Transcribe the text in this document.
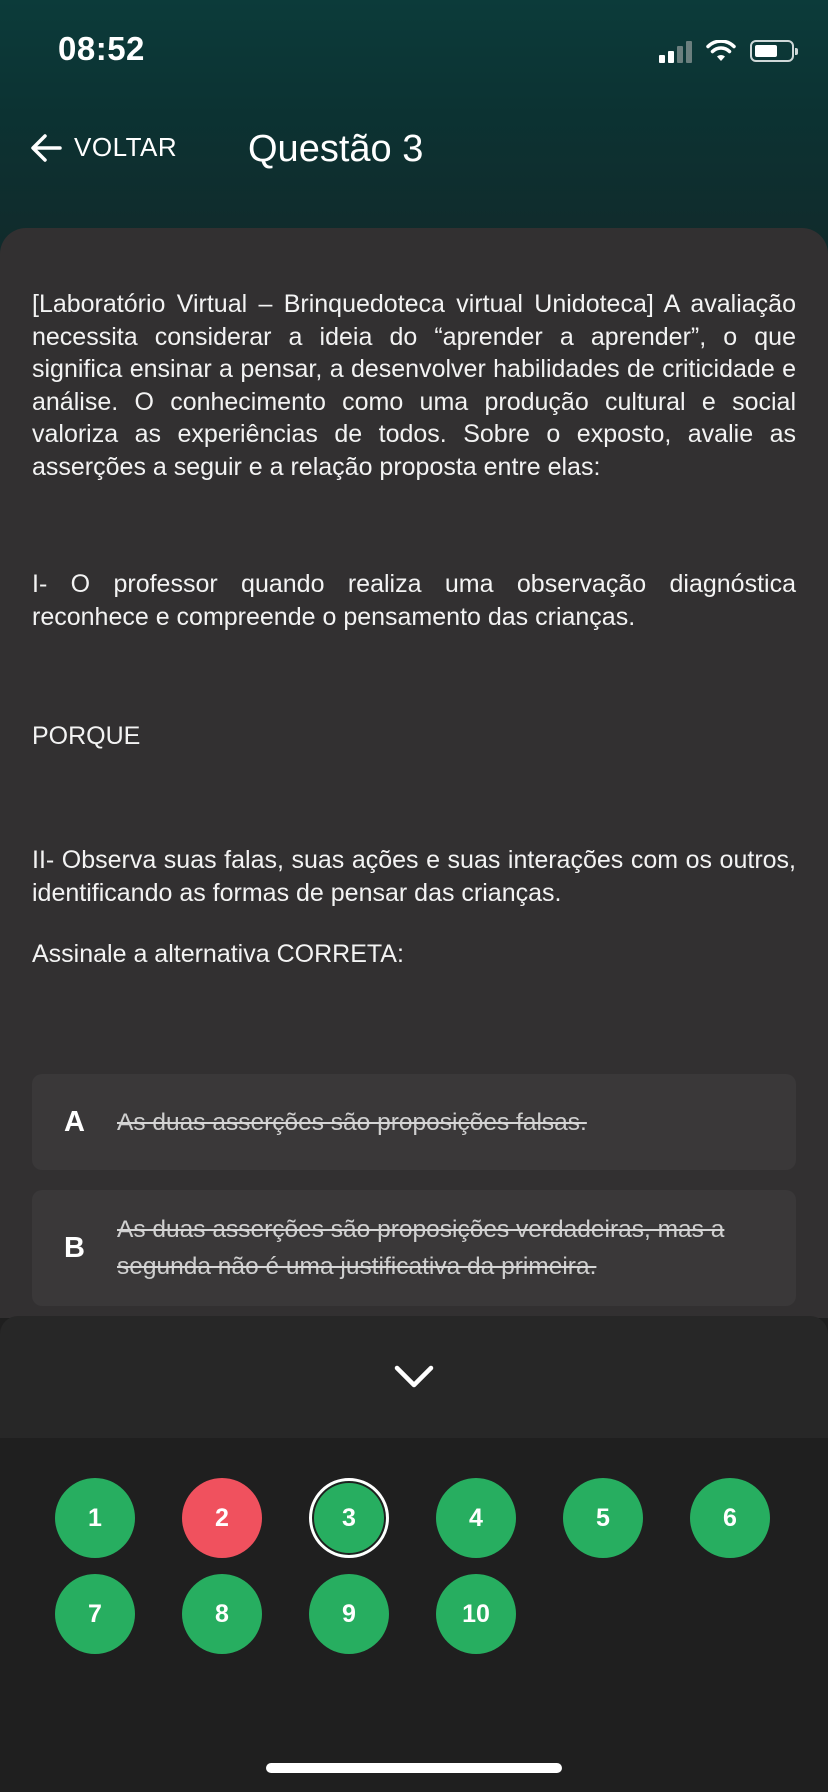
08:52
VOLTAR Questão 3

[Laboratório Virtual – Brinquedoteca virtual Unidoteca] A avaliação necessita considerar a ideia do “aprender a aprender”, o que significa ensinar a pensar, a desenvolver habilidades de criticidade e análise. O conhecimento como uma produção cultural e social valoriza as experiências de todos. Sobre o exposto, avalie as asserções a seguir e a relação proposta entre elas:

I- O professor quando realiza uma observação diagnóstica reconhece e compreende o pensamento das crianças.

PORQUE

II- Observa suas falas, suas ações e suas interações com os outros, identificando as formas de pensar das crianças.

Assinale a alternativa CORRETA:

A	As duas asserções são proposições falsas.
B
As duas asserções são proposições verdadeiras, mas a segunda não é uma justificativa da primeira.
1	2	3	4	5	6
7	8	9	10
